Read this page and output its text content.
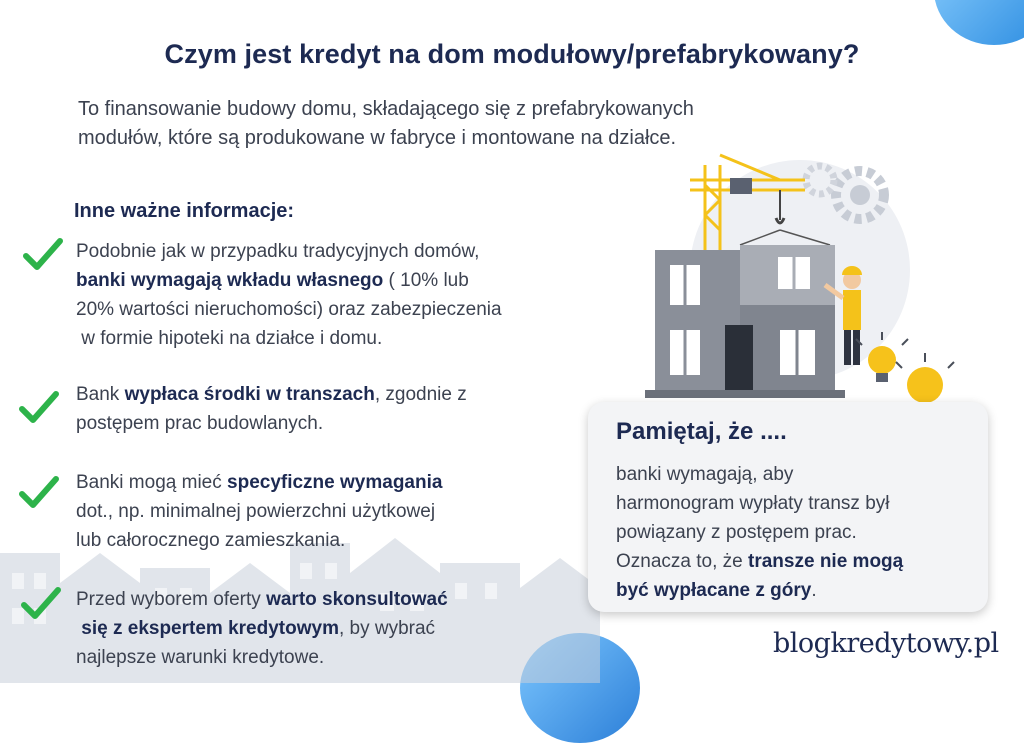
Czym jest kredyt na dom modułowy/prefabrykowany?
To finansowanie budowy domu, składającego się z prefabrykowanych
modułów, które są produkowane w fabryce i montowane na działce.
Inne ważne informacje:
Podobnie jak w przypadku tradycyjnych domów,
banki wymagają wkładu własnego ( 10% lub
20% wartości nieruchomości) oraz zabezpieczenia
w formie hipoteki na działce i domu.
Bank wypłaca środki w transzach, zgodnie z
postępem prac budowlanych.
Banki mogą mieć specyficzne wymagania
dot., np. minimalnej powierzchni użytkowej
lub całorocznego zamieszkania.
Przed wyborem oferty warto skonsultować
się z ekspertem kredytowym, by wybrać
najlepsze warunki kredytowe.
Pamiętaj, że ....
banki wymagają, aby
harmonogram wypłaty transz był
powiązany z postępem prac.
Oznacza to, że transze nie mogą
być wypłacane z góry.
blogkredytowy.pl
